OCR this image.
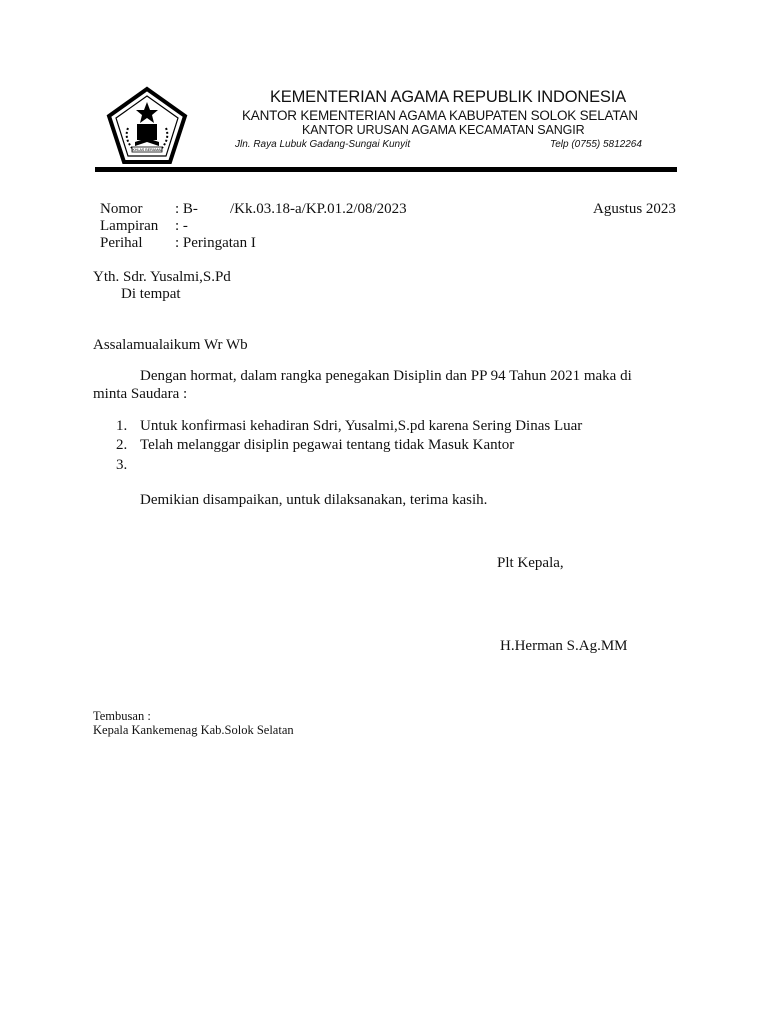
IKHLAS BERAMAL
KEMENTERIAN AGAMA REPUBLIK INDONESIA
KANTOR KEMENTERIAN AGAMA KABUPATEN SOLOK SELATAN
KANTOR URUSAN AGAMA KECAMATAN SANGIR
Jln. Raya Lubuk Gadang-Sungai Kunyit	Telp (0755) 5812264
Nomor : B- /Kk.03.18-a/KP.01.2/08/2023	Agustus 2023
Lampiran : -
Perihal : Peringatan I
Yth. Sdr. Yusalmi,S.Pd
Di tempat
Assalamualaikum Wr Wb
Dengan hormat, dalam rangka penegakan Disiplin dan PP 94 Tahun 2021 maka di
minta Saudara :
1. Untuk konfirmasi kehadiran Sdri, Yusalmi,S.pd karena Sering Dinas Luar
2. Telah melanggar disiplin pegawai tentang tidak Masuk Kantor
3.
Demikian disampaikan, untuk dilaksanakan, terima kasih.
Plt Kepala,
H.Herman S.Ag.MM
Tembusan :
Kepala Kankemenag Kab.Solok Selatan
